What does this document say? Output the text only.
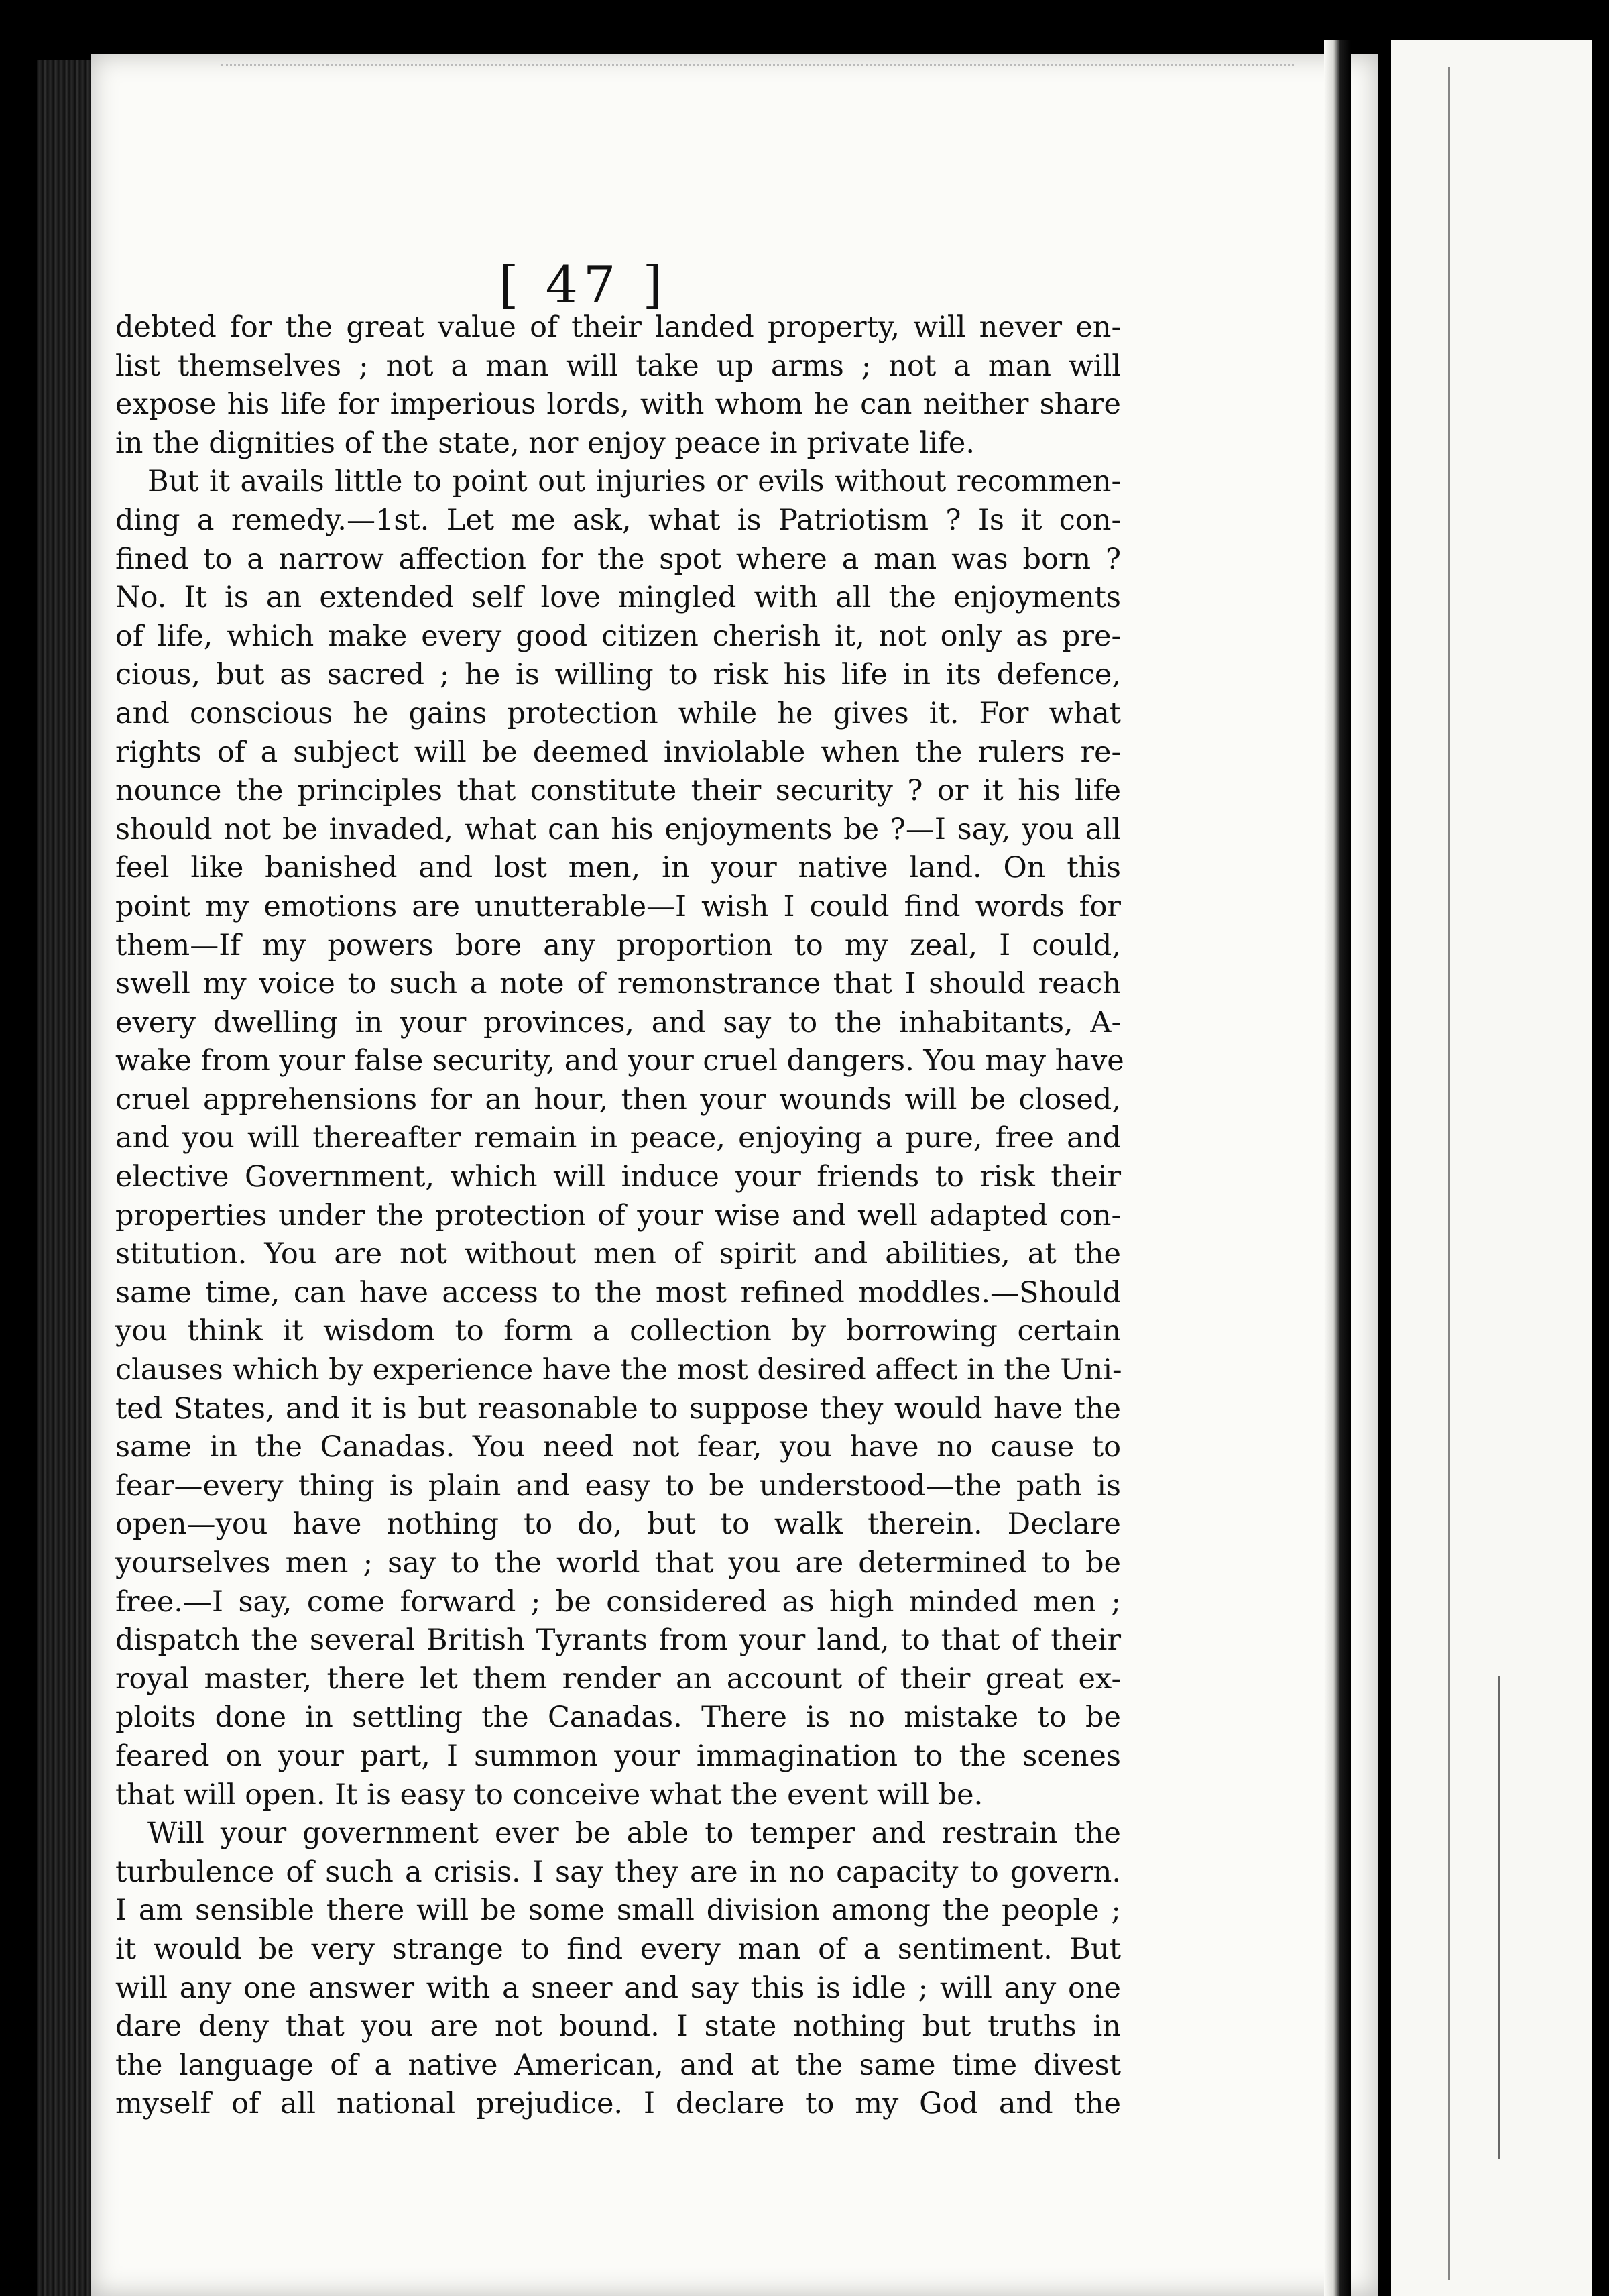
[ 47 ]
debted for the great value of their landed property, will never en-
list themselves ; not a man will take up arms ; not a man will
expose his life for imperious lords, with whom he can neither share
in the dignities of the state, nor enjoy peace in private life.
But it avails little to point out injuries or evils without recommen-
ding a remedy.—1st. Let me ask, what is Patriotism ? Is it con-
fined to a narrow affection for the spot where a man was born ?
No. It is an extended self love mingled with all the enjoyments
of life, which make every good citizen cherish it, not only as pre-
cious, but as sacred ; he is willing to risk his life in its defence,
and conscious he gains protection while he gives it. For what
rights of a subject will be deemed inviolable when the rulers re-
nounce the principles that constitute their security ? or it his life
should not be invaded, what can his enjoyments be ?—I say, you all
feel like banished and lost men, in your native land. On this
point my emotions are unutterable—I wish I could find words for
them—If my powers bore any proportion to my zeal, I could,
swell my voice to such a note of remonstrance that I should reach
every dwelling in your provinces, and say to the inhabitants, A-
wake from your false security, and your cruel dangers. You may have
cruel apprehensions for an hour, then your wounds will be closed,
and you will thereafter remain in peace, enjoying a pure, free and
elective Government, which will induce your friends to risk their
properties under the protection of your wise and well adapted con-
stitution. You are not without men of spirit and abilities, at the
same time, can have access to the most refined moddles.—Should
you think it wisdom to form a collection by borrowing certain
clauses which by experience have the most desired affect in the Uni-
ted States, and it is but reasonable to suppose they would have the
same in the Canadas. You need not fear, you have no cause to
fear—every thing is plain and easy to be understood—the path is
open—you have nothing to do, but to walk therein. Declare
yourselves men ; say to the world that you are determined to be
free.—I say, come forward ; be considered as high minded men ;
dispatch the several British Tyrants from your land, to that of their
royal master, there let them render an account of their great ex-
ploits done in settling the Canadas. There is no mistake to be
feared on your part, I summon your immagination to the scenes
that will open. It is easy to conceive what the event will be.
Will your government ever be able to temper and restrain the
turbulence of such a crisis. I say they are in no capacity to govern.
I am sensible there will be some small division among the people ;
it would be very strange to find every man of a sentiment. But
will any one answer with a sneer and say this is idle ; will any one
dare deny that you are not bound. I state nothing but truths in
the language of a native American, and at the same time divest
myself of all national prejudice. I declare to my God and the
